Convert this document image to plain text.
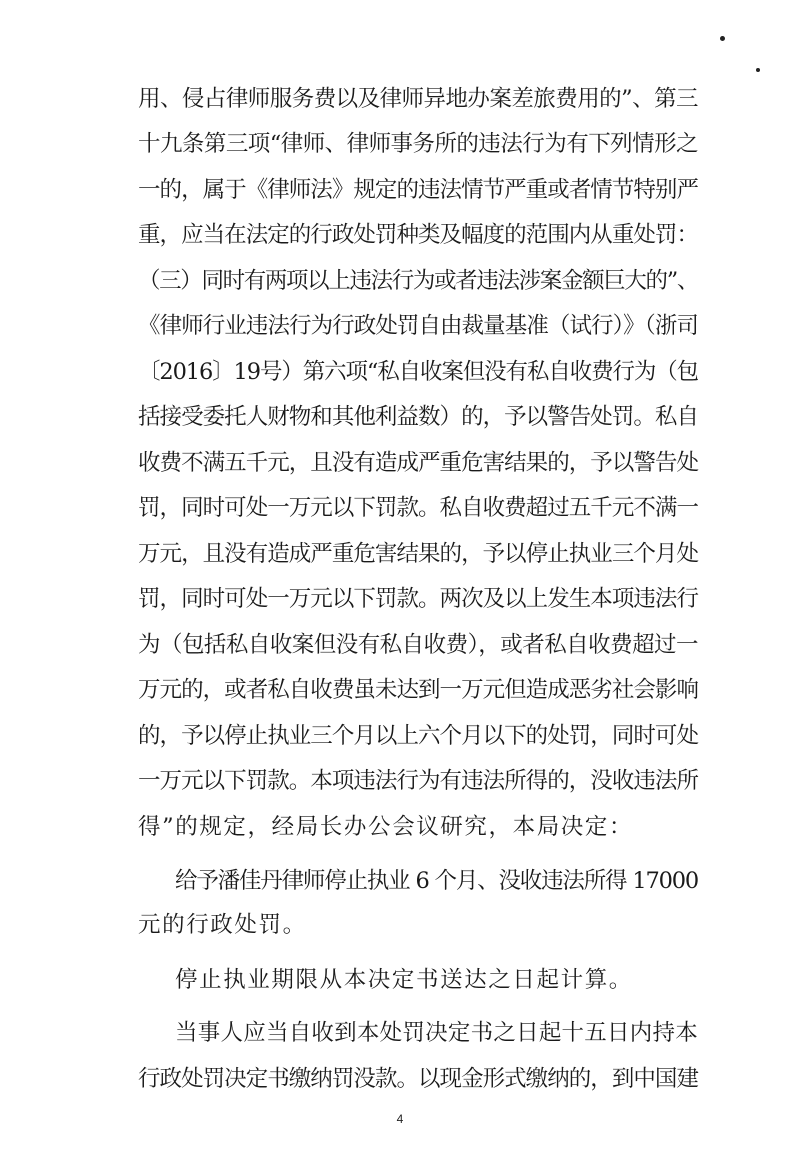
用、侵占律师服务费以及律师异地办案差旅费用的”、第三
十九条第三项“律师、律师事务所的违法行为有下列情形之
一的，属于《律师法》规定的违法情节严重或者情节特别严
重，应当在法定的行政处罚种类及幅度的范围内从重处罚：
（三）同时有两项以上违法行为或者违法涉案金额巨大的”、
《律师行业违法行为行政处罚自由裁量基准（试行）》（浙司
〔2016〕19号）第六项“私自收案但没有私自收费行为（包
括接受委托人财物和其他利益数）的，予以警告处罚。私自
收费不满五千元，且没有造成严重危害结果的，予以警告处
罚，同时可处一万元以下罚款。私自收费超过五千元不满一
万元，且没有造成严重危害结果的，予以停止执业三个月处
罚，同时可处一万元以下罚款。两次及以上发生本项违法行
为（包括私自收案但没有私自收费），或者私自收费超过一
万元的，或者私自收费虽未达到一万元但造成恶劣社会影响
的，予以停止执业三个月以上六个月以下的处罚，同时可处
一万元以下罚款。本项违法行为有违法所得的，没收违法所
得”的规定，经局长办公会议研究，本局决定：
给予潘佳丹律师停止执业 6 个月、没收违法所得 17000
元的行政处罚。
停止执业期限从本决定书送达之日起计算。
当事人应当自收到本处罚决定书之日起十五日内持本
行政处罚决定书缴纳罚没款。以现金形式缴纳的，到中国建
4
